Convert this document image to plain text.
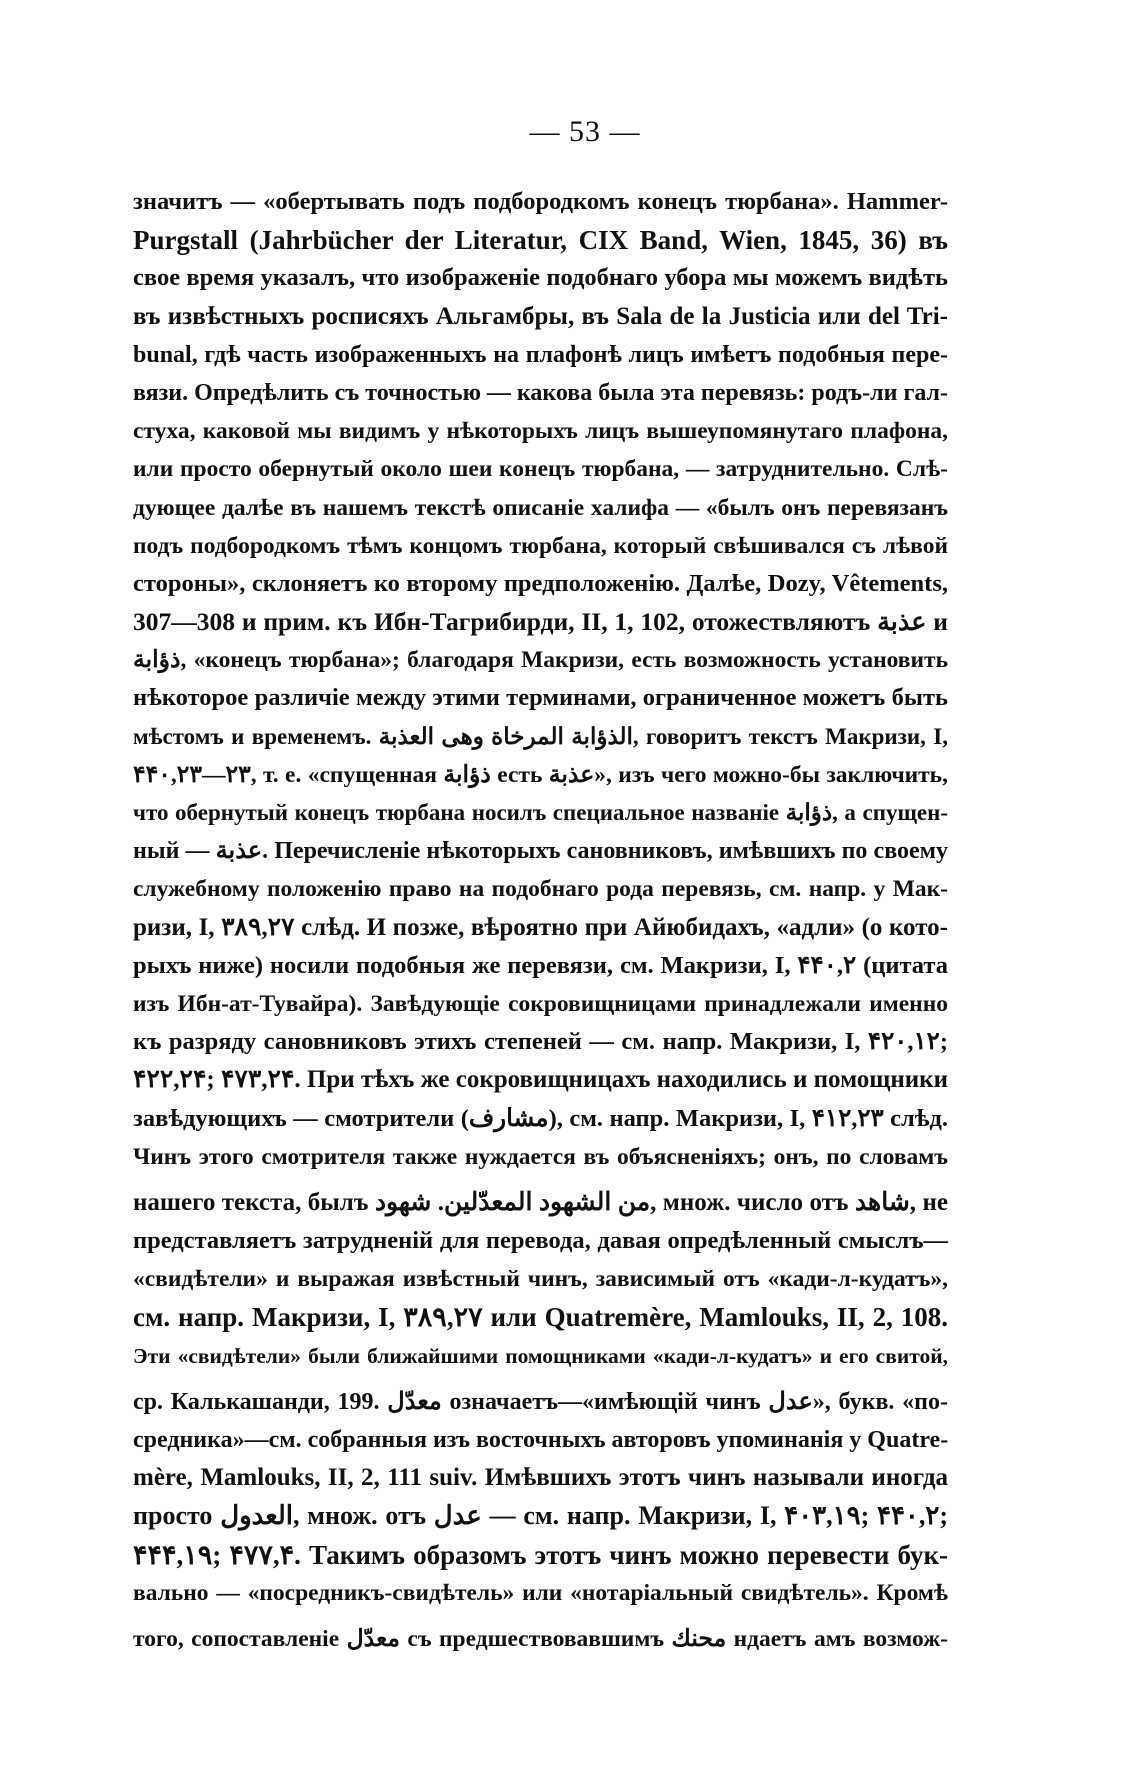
— 53 —
значитъ — «обертывать подъ подбородкомъ конецъ тюрбана». Hammer-
Purgstall (Jahrbücher der Literatur, CIX Band, Wien, 1845, 36) въ
свое время указалъ, что изображеніе подобнаго убора мы можемъ видѣть
въ извѣстныхъ росписяхъ Альгамбры, въ Sala de la Justicia или del Tri-
bunal, гдѣ часть изображенныхъ на плафонѣ лицъ имѣетъ подобныя пере-
вязи. Опредѣлить съ точностью — какова была эта перевязь: родъ-ли гал-
стуха, каковой мы видимъ у нѣкоторыхъ лицъ вышеупомянутаго плафона,
или просто обернутый около шеи конецъ тюрбана, — затруднительно. Слѣ-
дующее далѣе въ нашемъ текстѣ описаніе халифа — «былъ онъ перевязанъ
подъ подбородкомъ тѣмъ концомъ тюрбана, который свѣшивался съ лѣвой
стороны», склоняетъ ко второму предположенію. Далѣе, Dozy, Vêtements,
307—308 и прим. къ Ибн-Тагрибирди, II, 1, 102, отожествляютъ عذبة и
ذؤابة, «конецъ тюрбана»; благодаря Макризи, есть возможность установить
нѣкоторое различіе между этими терминами, ограниченное можетъ быть
мѣстомъ и временемъ. الذؤابة المرخاة وهى العذبة, говоритъ текстъ Макризи, I,
۴۴۰,۲۳—۲۳, т. е. «спущенная ذؤابة есть عذبة», изъ чего можно-бы заключить,
что обернутый конецъ тюрбана носилъ специальное названіе ذؤابة, а спущен-
ный — عذبة. Перечисленіе нѣкоторыхъ сановниковъ, имѣвшихъ по своему
служебному положенію право на подобнаго рода перевязь, см. напр. у Мак-
ризи, I, ۳۸۹,۲۷ слѣд. И позже, вѣроятно при Айюбидахъ, «адли» (о кото-
рыхъ ниже) носили подобныя же перевязи, см. Макризи, I, ۴۴۰,۲ (цитата
изъ Ибн-ат-Тувайра). Завѣдующіе сокровищницами принадлежали именно
къ разряду сановниковъ этихъ степеней — см. напр. Макризи, I, ۴۲۰,۱۲;
۴۲۲,۲۴; ۴۷۳,۲۴. При тѣхъ же сокровищницахъ находились и помощники
завѣдующихъ — смотрители (مشارف), см. напр. Макризи, I, ۴۱۲,۲۳ слѣд.
Чинъ этого смотрителя также нуждается въ объясненіяхъ; онъ, по словамъ
нашего текста, былъ من الشهود المعدّلين. شهود, множ. число отъ شاهد, не
представляетъ затрудненій для перевода, давая опредѣленный смыслъ—
«свидѣтели» и выражая извѣстный чинъ, зависимый отъ «кади-л-кудатъ»,
см. напр. Макризи, I, ۳۸۹,۲۷ или Quatremère, Mamlouks, II, 2, 108.
Эти «свидѣтели» были ближайшими помощниками «кади-л-кудатъ» и его свитой,
ср. Калькашанди, 199. معدّل означаетъ—«имѣющій чинъ عدل», букв. «по-
средника»—см. собранныя изъ восточныхъ авторовъ упоминанія у Quatre-
mère, Mamlouks, II, 2, 111 suiv. Имѣвшихъ этотъ чинъ называли иногда
просто العدول, множ. отъ عدل — см. напр. Макризи, I, ۴۰۳,۱۹; ۴۴۰,۲;
۴۴۴,۱۹; ۴۷۷,۴. Такимъ образомъ этотъ чинъ можно перевести бук-
вально — «посредникъ-свидѣтель» или «нотаріальный свидѣтель». Кромѣ
того, сопоставленіе معدّل съ предшествовавшимъ محنك ндаетъ амъ возмож-
